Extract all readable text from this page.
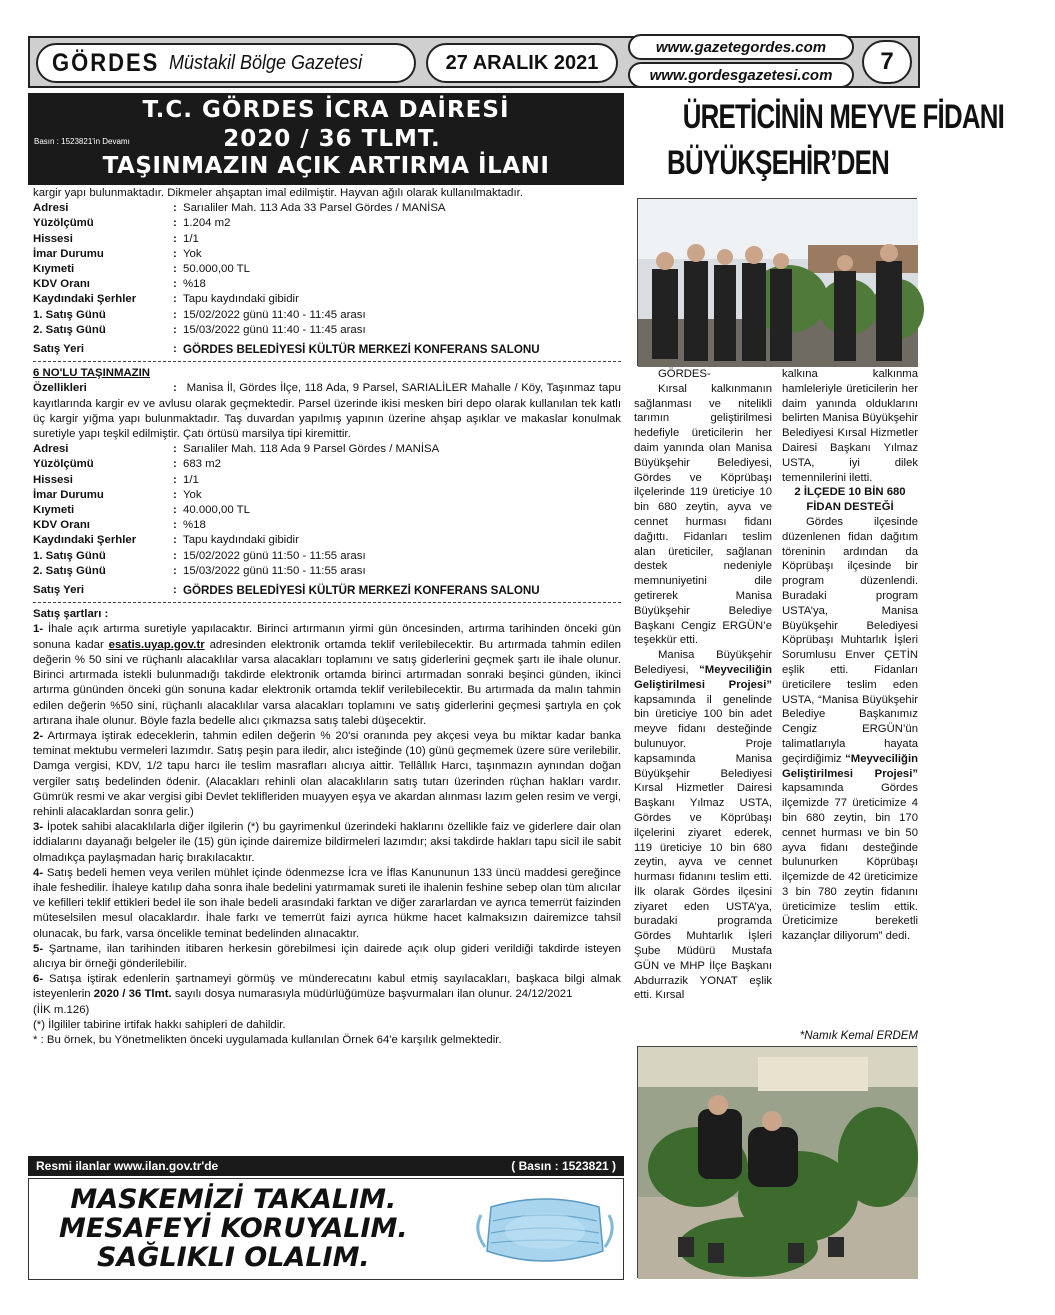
GÖRDES Müstakil Bölge Gazetesi	27 ARALIK 2021
www.gazetegordes.com
www.gordesgazetesi.com	7
T.C. GÖRDES İCRA DAİRESİ
2020 / 36 TLMT.
TAŞINMAZIN AÇIK ARTIRMA İLANI
Basın : 1523821'in Devamı

kargir yapı bulunmaktadır. Dikmeler ahşaptan imal edilmiştir. Hayvan ağılı olarak kullanılmaktadır.

Adresi	: Sarıaliler Mah. 113 Ada 33 Parsel Gördes / MANİSA
Yüzölçümü	: 1.204 m2
Hissesi	: 1/1
İmar Durumu	: Yok
Kıymeti	: 50.000,00 TL
KDV Oranı	: %18
Kaydındaki Şerhler	: Tapu kaydındaki gibidir
1. Satış Günü	: 15/02/2022 günü 11:40 - 11:45 arası
2. Satış Günü	: 15/03/2022 günü 11:40 - 11:45 arası
Satış Yeri	: GÖRDES BELEDİYESİ KÜLTÜR MERKEZİ KONFERANS SALONU
6 NO'LU TAŞINMAZIN

Özellikleri	: Manisa İl, Gördes İlçe, 118 Ada, 9 Parsel, SARIALİLER Mahalle / Köy, Taşınmaz tapu kayıtlarında kargir ev ve avlusu olarak geçmektedir. Parsel üzerinde ikisi mesken biri depo olarak kullanılan tek katlı üç kargir yığma yapı bulunmaktadır. Taş duvardan yapılmış yapının üzerine ahşap aşıklar ve makaslar konulmak suretiyle yapı teşkil edilmiştir. Çatı örtüsü marsilya tipi kiremittir.

Adresi	: Sarıaliler Mah. 118 Ada 9 Parsel Gördes / MANİSA
Yüzölçümü	: 683 m2
Hissesi	: 1/1
İmar Durumu	: Yok
Kıymeti	: 40.000,00 TL
KDV Oranı	: %18
Kaydındaki Şerhler	: Tapu kaydındaki gibidir
1. Satış Günü	: 15/02/2022 günü 11:50 - 11:55 arası
2. Satış Günü	: 15/03/2022 günü 11:50 - 11:55 arası
Satış Yeri	: GÖRDES BELEDİYESİ KÜLTÜR MERKEZİ KONFERANS SALONU
Satış şartları :

1- İhale açık artırma suretiyle yapılacaktır. Birinci artırmanın yirmi gün öncesinden, artırma tarihinden önceki gün sonuna kadar esatis.uyap.gov.tr adresinden elektronik ortamda teklif verilebilecektir. Bu artırmada tahmin edilen değerin % 50 sini ve rüçhanlı alacaklılar varsa alacakları toplamını ve satış giderlerini geçmek şartı ile ihale olunur. Birinci artırmada istekli bulunmadığı takdirde elektronik ortamda birinci artırmadan sonraki beşinci günden, ikinci artırma gününden önceki gün sonuna kadar elektronik ortamda teklif verilebilecektir. Bu artırmada da malın tahmin edilen değerin %50 sini, rüçhanlı alacaklılar varsa alacakları toplamını ve satış giderlerini geçmesi şartıyla en çok artırana ihale olunur. Böyle fazla bedelle alıcı çıkmazsa satış talebi düşecektir.

2- Artırmaya iştirak edeceklerin, tahmin edilen değerin % 20'si oranında pey akçesi veya bu miktar kadar banka teminat mektubu vermeleri lazımdır. Satış peşin para iledir, alıcı isteğinde (10) günü geçmemek üzere süre verilebilir. Damga vergisi, KDV, 1/2 tapu harcı ile teslim masrafları alıcıya aittir. Tellâllık Harcı, taşınmazın aynından doğan vergiler satış bedelinden ödenir. (Alacakları rehinli olan alacaklıların satış tutarı üzerinden rüçhan hakları vardır. Gümrük resmi ve akar vergisi gibi Devlet teklifleriden muayyen eşya ve akardan alınması lazım gelen resim ve vergi, rehinli alacaklardan sonra gelir.)

3- İpotek sahibi alacaklılarla diğer ilgilerin (*) bu gayrimenkul üzerindeki haklarını özellikle faiz ve giderlere dair olan iddialarını dayanağı belgeler ile (15) gün içinde dairemize bildirmeleri lazımdır; aksi takdirde hakları tapu sicil ile sabit olmadıkça paylaşmadan hariç bırakılacaktır.

4- Satış bedeli hemen veya verilen mühlet içinde ödenmezse İcra ve İflas Kanununun 133 üncü maddesi gereğince ihale feshedilir. İhaleye katılıp daha sonra ihale bedelini yatırmamak sureti ile ihalenin feshine sebep olan tüm alıcılar ve kefilleri teklif ettikleri bedel ile son ihale bedeli arasındaki farktan ve diğer zararlardan ve ayrıca temerrüt faizinden müteselsilen mesul olacaklardır. İhale farkı ve temerrüt faizi ayrıca hükme hacet kalmaksızın dairemizce tahsil olunacak, bu fark, varsa öncelikle teminat bedelinden alınacaktır.

5- Şartname, ilan tarihinden itibaren herkesin görebilmesi için dairede açık olup gideri verildiği takdirde isteyen alıcıya bir örneği gönderilebilir.

6- Satışa iştirak edenlerin şartnameyi görmüş ve münderecatını kabul etmiş sayılacakları, başkaca bilgi almak isteyenlerin 2020 / 36 Tlmt. sayılı dosya numarasıyla müdürlüğümüze başvurmaları ilan olunur. 24/12/2021

(İİK m.126)

(*) İlgililer tabirine irtifak hakkı sahipleri de dahildir.

* : Bu örnek, bu Yönetmelikten önceki uygulamada kullanılan Örnek 64'e karşılık gelmektedir.

Resmi ilanlar www.ilan.gov.tr'de	( Basın : 1523821 )
MASKEMİZİ TAKALIM.
MESAFEYİ KORUYALIM.
SAĞLIKLI OLALIM.
ÜRETİCİNİN MEYVE FİDANI
BÜYÜKŞEHİR’DEN

GÖRDES-

Kırsal kalkınmanın sağlanması ve nitelikli tarımın geliştirilmesi hedefiyle üreticilerin her daim yanında olan Manisa Büyükşehir Belediyesi, Gördes ve Köprübaşı ilçelerinde 119 üreticiye 10 bin 680 zeytin, ayva ve cennet hurması fidanı dağıttı. Fidanları teslim alan üreticiler, sağlanan destek nedeniyle memnuniyetini dile getirerek Manisa Büyükşehir Belediye Başkanı Cengiz ERGÜN’e teşekkür etti.

Manisa Büyükşehir Belediyesi, “Meyveciliğin Geliştirilmesi Projesi” kapsamında il genelinde bin üreticiye 100 bin adet meyve fidanı desteğinde bulunuyor. Proje kapsamında Manisa Büyükşehir Belediyesi Kırsal Hizmetler Dairesi Başkanı Yılmaz USTA, Gördes ve Köprübaşı ilçelerini ziyaret ederek, 119 üreticiye 10 bin 680 zeytin, ayva ve cennet hurması fidanını teslim etti. İlk olarak Gördes ilçesini ziyaret eden USTA’ya, buradaki programda Gördes Muhtarlık İşleri Şube Müdürü Mustafa GÜN ve MHP İlçe Başkanı Abdurrazik YONAT eşlik etti. Kırsal

kalkına kalkınma hamleleriyle üreticilerin her daim yanında olduklarını belirten Manisa Büyükşehir Belediyesi Kırsal Hizmetler Dairesi Başkanı Yılmaz USTA, iyi dilek temennilerini iletti.

2 İLÇEDE 10 BİN 680

FİDAN DESTEĞİ

Gördes ilçesinde düzenlenen fidan dağıtım töreninin ardından da Köprübaşı ilçesinde bir program düzenlendi. Buradaki program USTA’ya, Manisa Büyükşehir Belediyesi Köprübaşı Muhtarlık İşleri Sorumlusu Enver ÇETİN eşlik etti. Fidanları üreticilere teslim eden USTA, “Manisa Büyükşehir Belediye Başkanımız Cengiz ERGÜN’ün talimatlarıyla hayata geçirdiğimiz “Meyveciliğin Geliştirilmesi Projesi” kapsamında Gördes ilçemizde 77 üreticimize 4 bin 680 zeytin, bin 170 cennet hurması ve bin 50 ayva fidanı desteğinde bulunurken Köprübaşı ilçemizde de 42 üreticimize 3 bin 780 zeytin fidanını üreticimize teslim ettik. Üreticimize bereketli kazançlar diliyorum” dedi.

*Namık Kemal ERDEM
